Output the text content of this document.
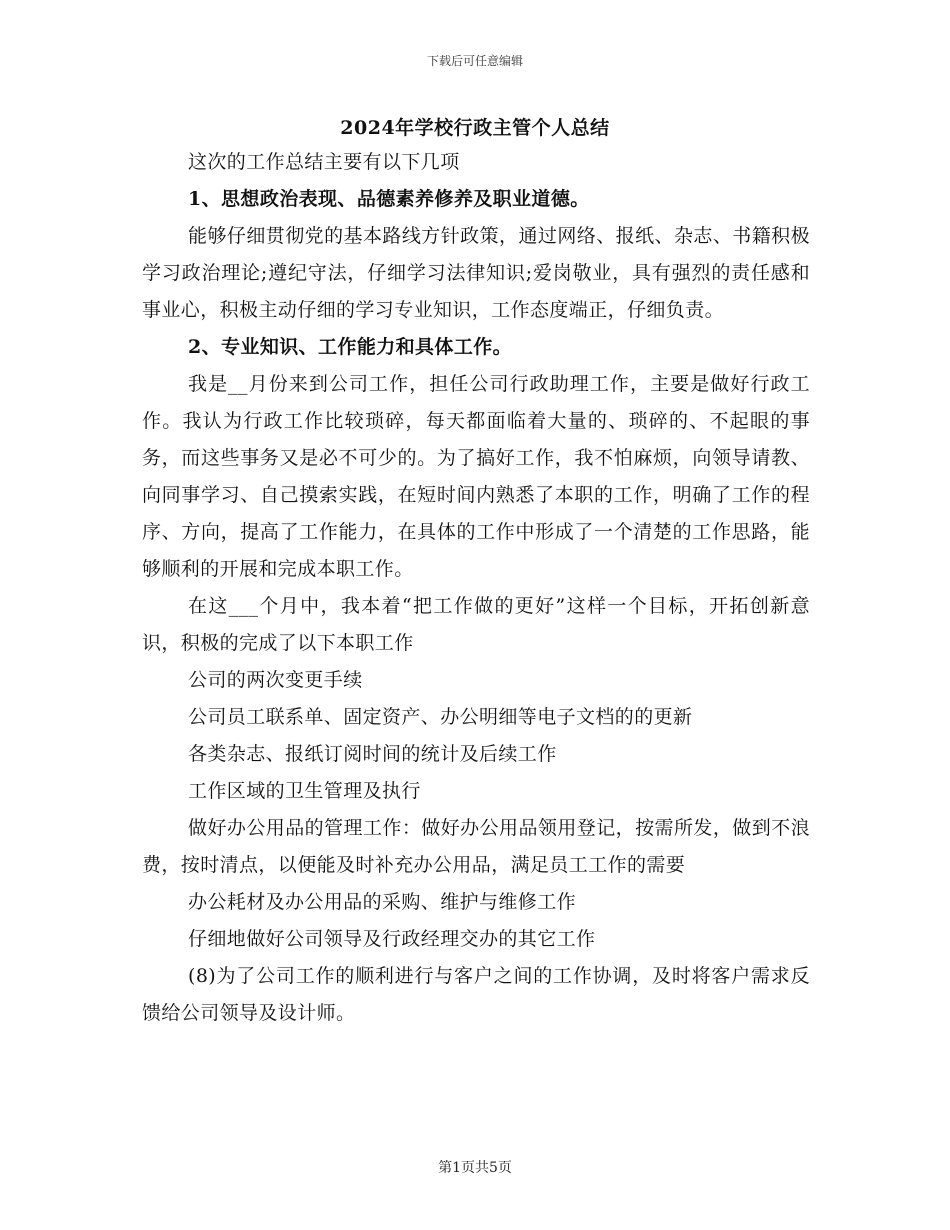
下载后可任意编辑
2024年学校行政主管个人总结

这次的工作总结主要有以下几项

1、思想政治表现、品德素养修养及职业道德。

能够仔细贯彻党的基本路线方针政策，通过网络、报纸、杂志、书籍积极学习政治理论;遵纪守法，仔细学习法律知识;爱岗敬业，具有强烈的责任感和事业心，积极主动仔细的学习专业知识，工作态度端正，仔细负责。

2、专业知识、工作能力和具体工作。

我是__月份来到公司工作，担任公司行政助理工作，主要是做好行政工作。我认为行政工作比较琐碎，每天都面临着大量的、琐碎的、不起眼的事务，而这些事务又是必不可少的。为了搞好工作，我不怕麻烦，向领导请教、向同事学习、自己摸索实践，在短时间内熟悉了本职的工作，明确了工作的程序、方向，提高了工作能力，在具体的工作中形成了一个清楚的工作思路，能够顺利的开展和完成本职工作。

在这___个月中，我本着“把工作做的更好”这样一个目标，开拓创新意识，积极的完成了以下本职工作

公司的两次变更手续

公司员工联系单、固定资产、办公明细等电子文档的的更新

各类杂志、报纸订阅时间的统计及后续工作

工作区域的卫生管理及执行

做好办公用品的管理工作：做好办公用品领用登记，按需所发，做到不浪费，按时清点，以便能及时补充办公用品，满足员工工作的需要

办公耗材及办公用品的采购、维护与维修工作

仔细地做好公司领导及行政经理交办的其它工作

(8)为了公司工作的顺利进行与客户之间的工作协调，及时将客户需求反馈给公司领导及设计师。

第1页共5页
